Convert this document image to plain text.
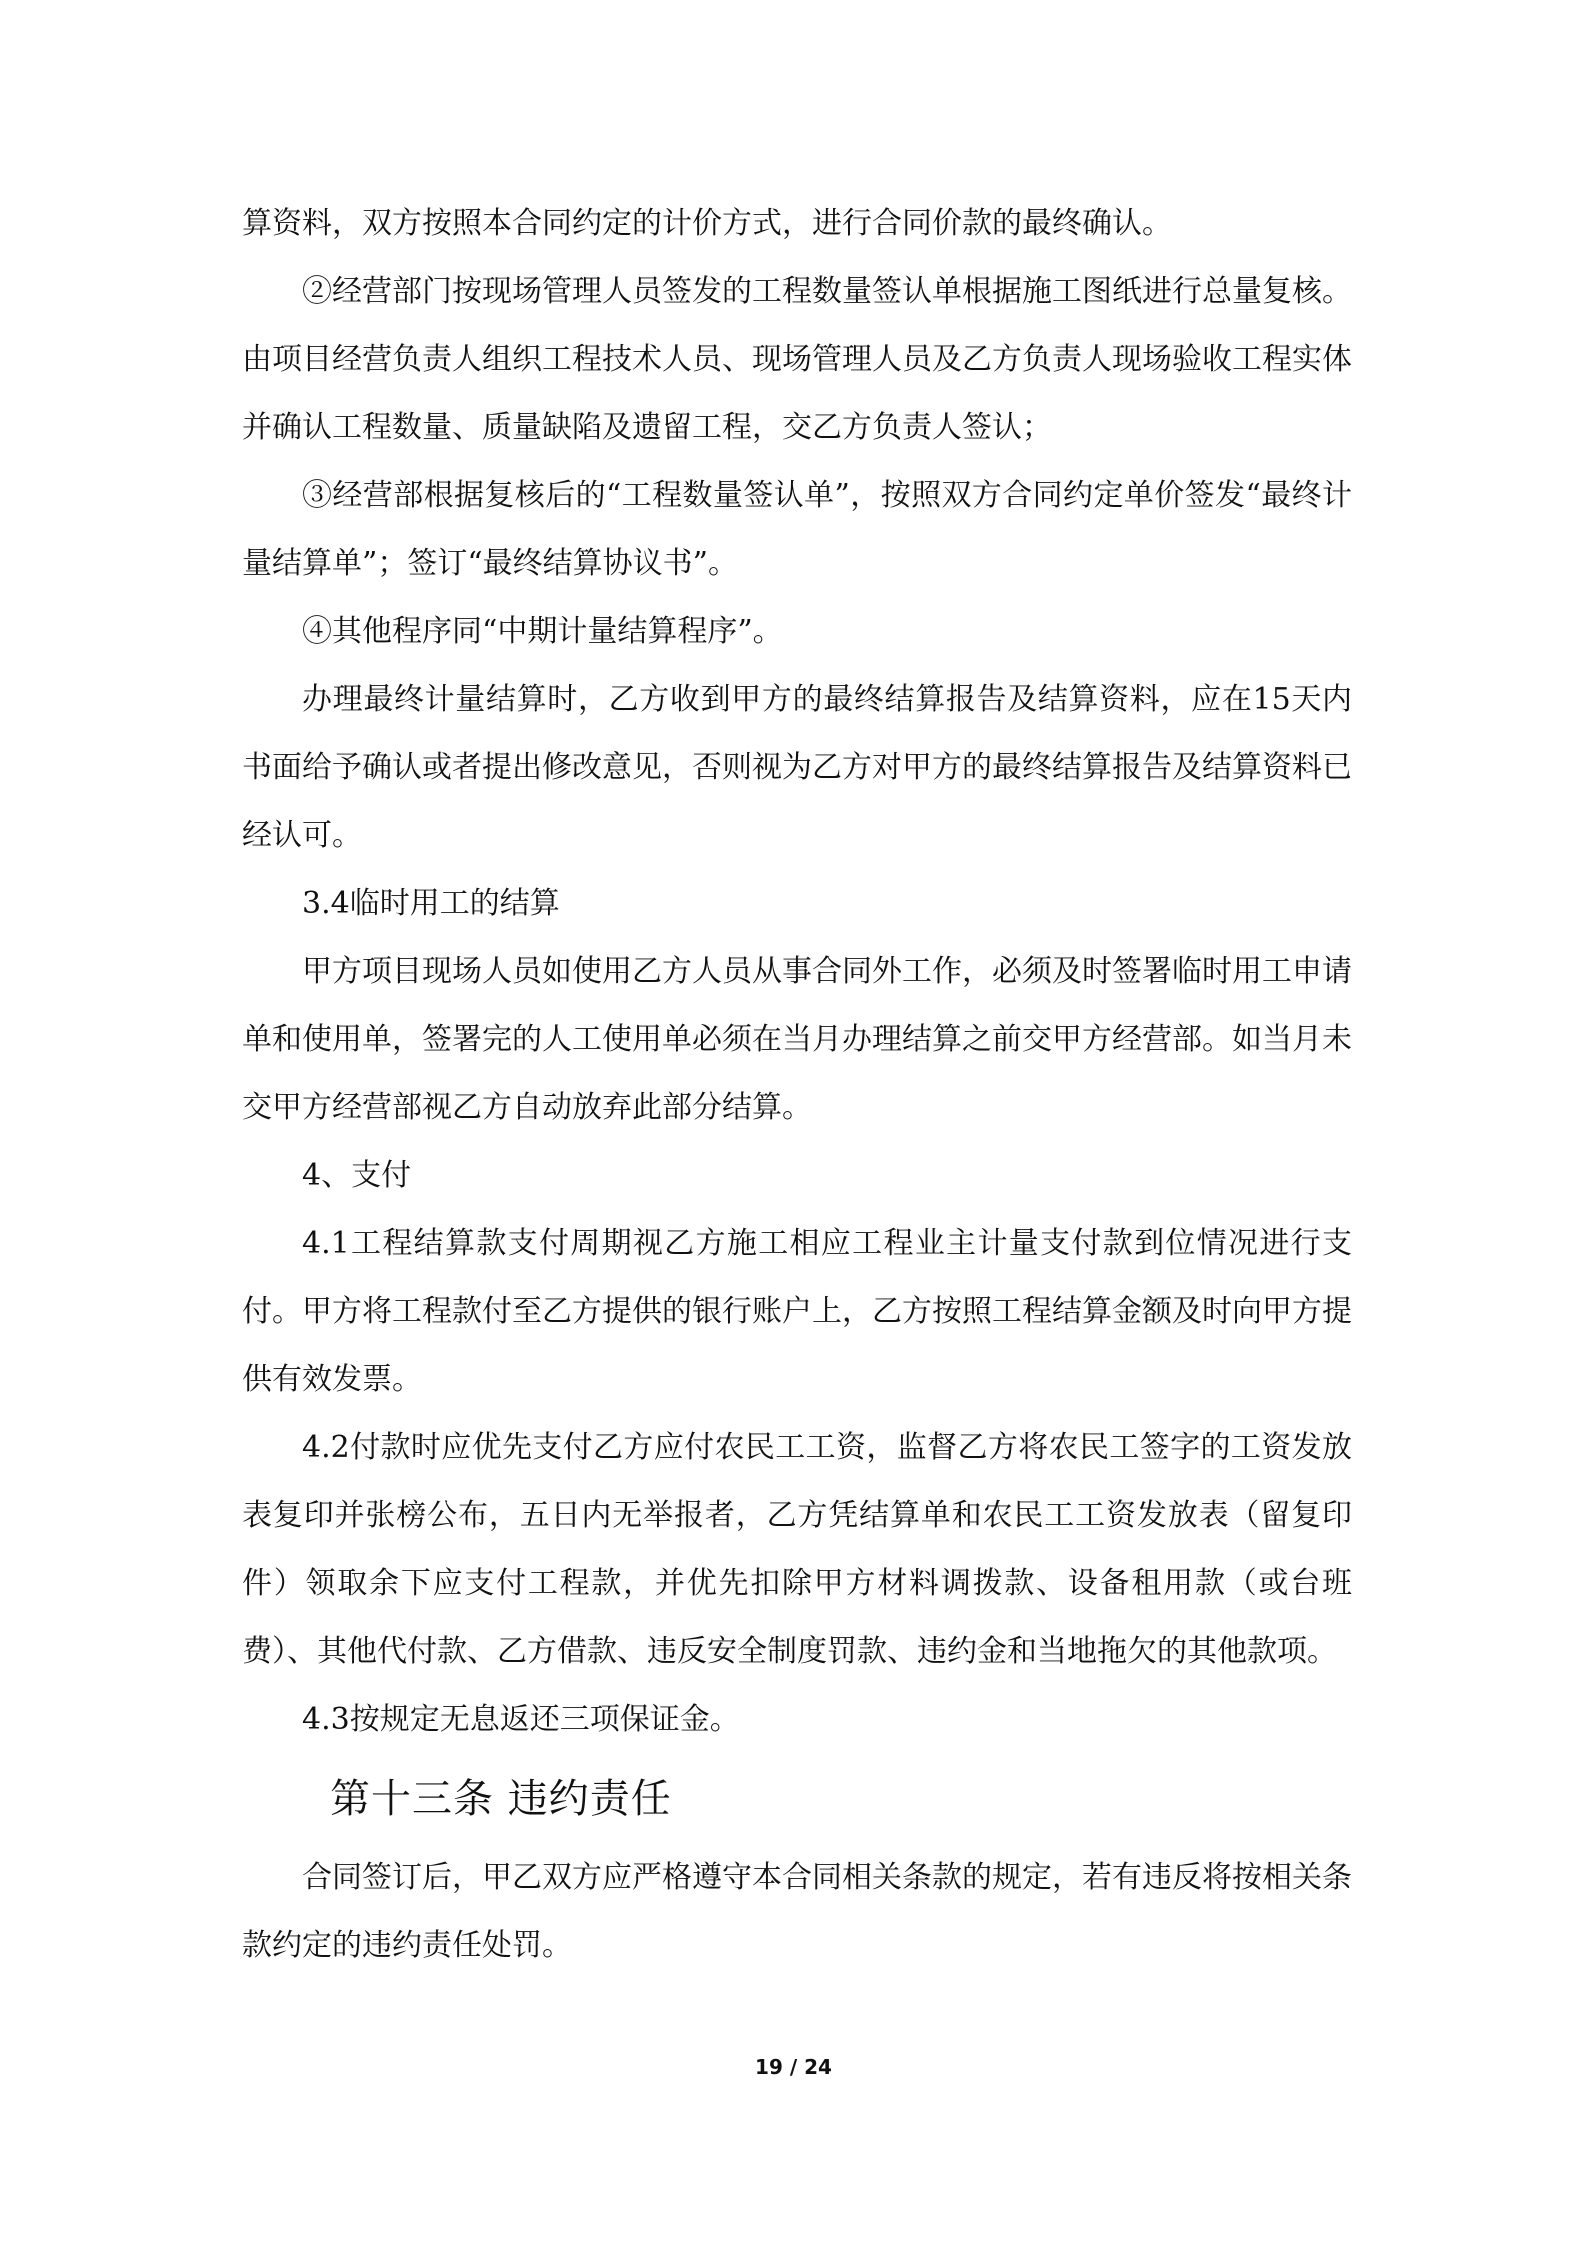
算资料，双方按照本合同约定的计价方式，进行合同价款的最终确认。

②经营部门按现场管理人员签发的工程数量签认单根据施工图纸进行总量复核。由项目经营负责人组织工程技术人员、现场管理人员及乙方负责人现场验收工程实体并确认工程数量、质量缺陷及遗留工程，交乙方负责人签认；

③经营部根据复核后的“工程数量签认单”，按照双方合同约定单价签发“最终计量结算单”；签订“最终结算协议书”。

④其他程序同“中期计量结算程序”。

办理最终计量结算时，乙方收到甲方的最终结算报告及结算资料，应在15天内书面给予确认或者提出修改意见，否则视为乙方对甲方的最终结算报告及结算资料已经认可。

3.4临时用工的结算

甲方项目现场人员如使用乙方人员从事合同外工作，必须及时签署临时用工申请单和使用单，签署完的人工使用单必须在当月办理结算之前交甲方经营部。如当月未交甲方经营部视乙方自动放弃此部分结算。

4、支付

4.1工程结算款支付周期视乙方施工相应工程业主计量支付款到位情况进行支付。甲方将工程款付至乙方提供的银行账户上，乙方按照工程结算金额及时向甲方提供有效发票。

4.2付款时应优先支付乙方应付农民工工资，监督乙方将农民工签字的工资发放表复印并张榜公布，五日内无举报者，乙方凭结算单和农民工工资发放表（留复印件）领取余下应支付工程款，并优先扣除甲方材料调拨款、设备租用款（或台班费）、其他代付款、乙方借款、违反安全制度罚款、违约金和当地拖欠的其他款项。

4.3按规定无息返还三项保证金。

第十三条 违约责任

合同签订后，甲乙双方应严格遵守本合同相关条款的规定，若有违反将按相关条款约定的违约责任处罚。

19 / 24
